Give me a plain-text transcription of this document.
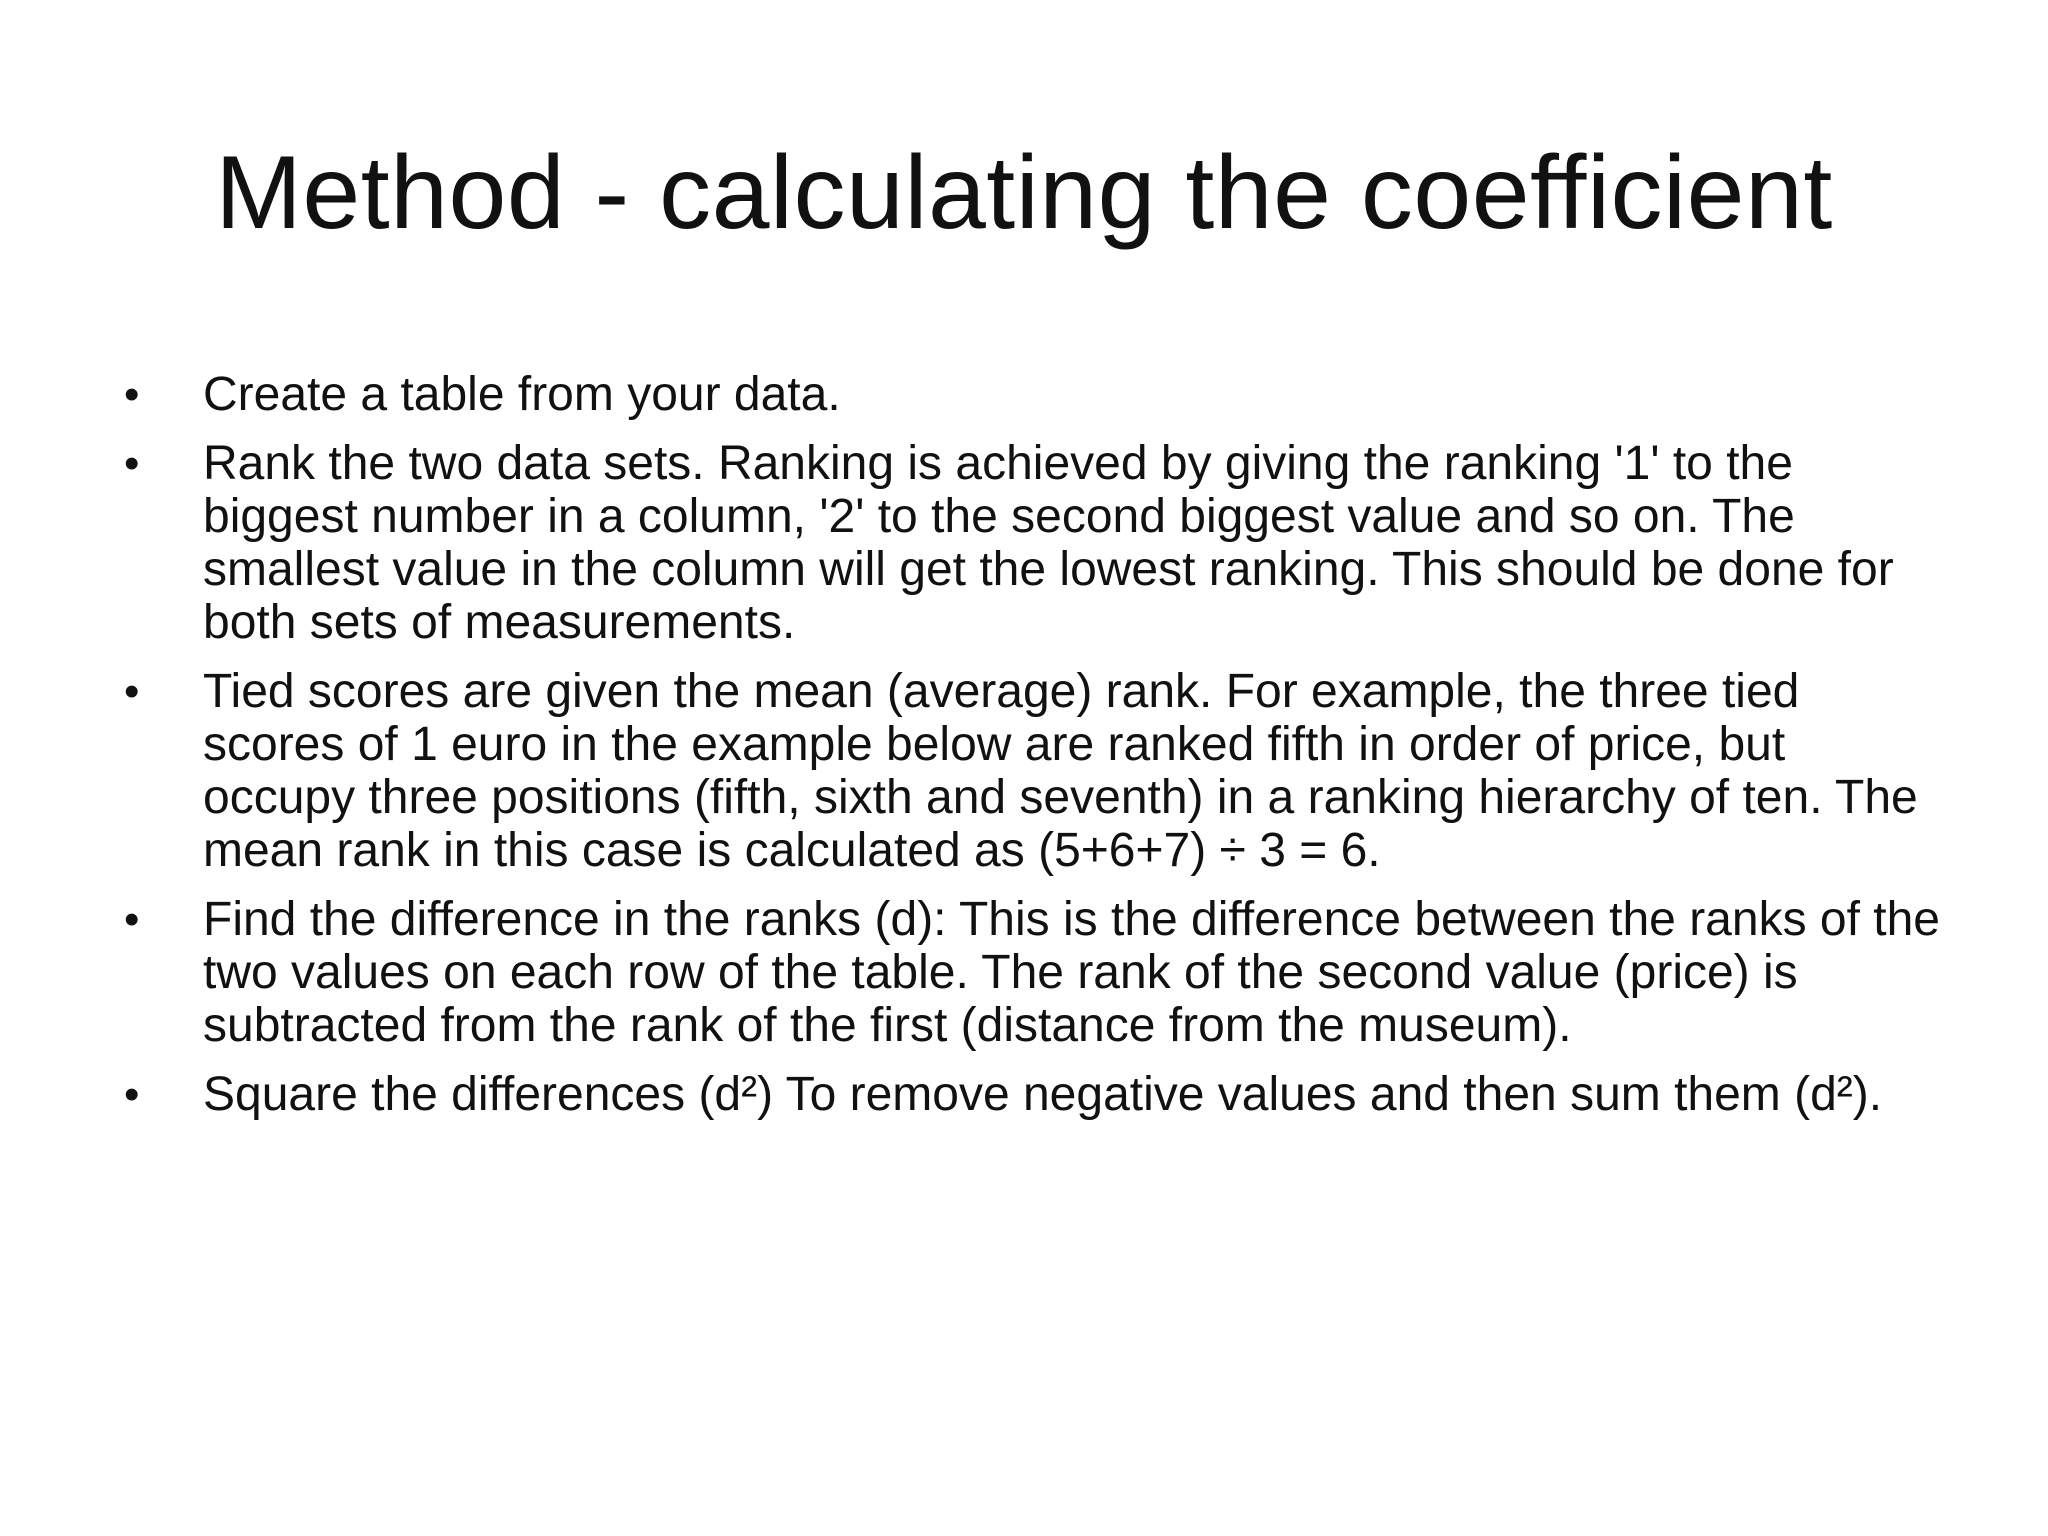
Method - calculating the coefficient
• Create a table from your data.
• Rank the two data sets. Ranking is achieved by giving the ranking '1' to the biggest number in a column, '2' to the second biggest value and so on. The smallest value in the column will get the lowest ranking. This should be done for both sets of measurements.
• Tied scores are given the mean (average) rank. For example, the three tied scores of 1 euro in the example below are ranked fifth in order of price, but occupy three positions (fifth, sixth and seventh) in a ranking hierarchy of ten. The mean rank in this case is calculated as (5+6+7) ÷ 3 = 6.
• Find the difference in the ranks (d): This is the difference between the ranks of the two values on each row of the table. The rank of the second value (price) is subtracted from the rank of the first (distance from the museum).
• Square the differences (d²) To remove negative values and then sum them (d²).
